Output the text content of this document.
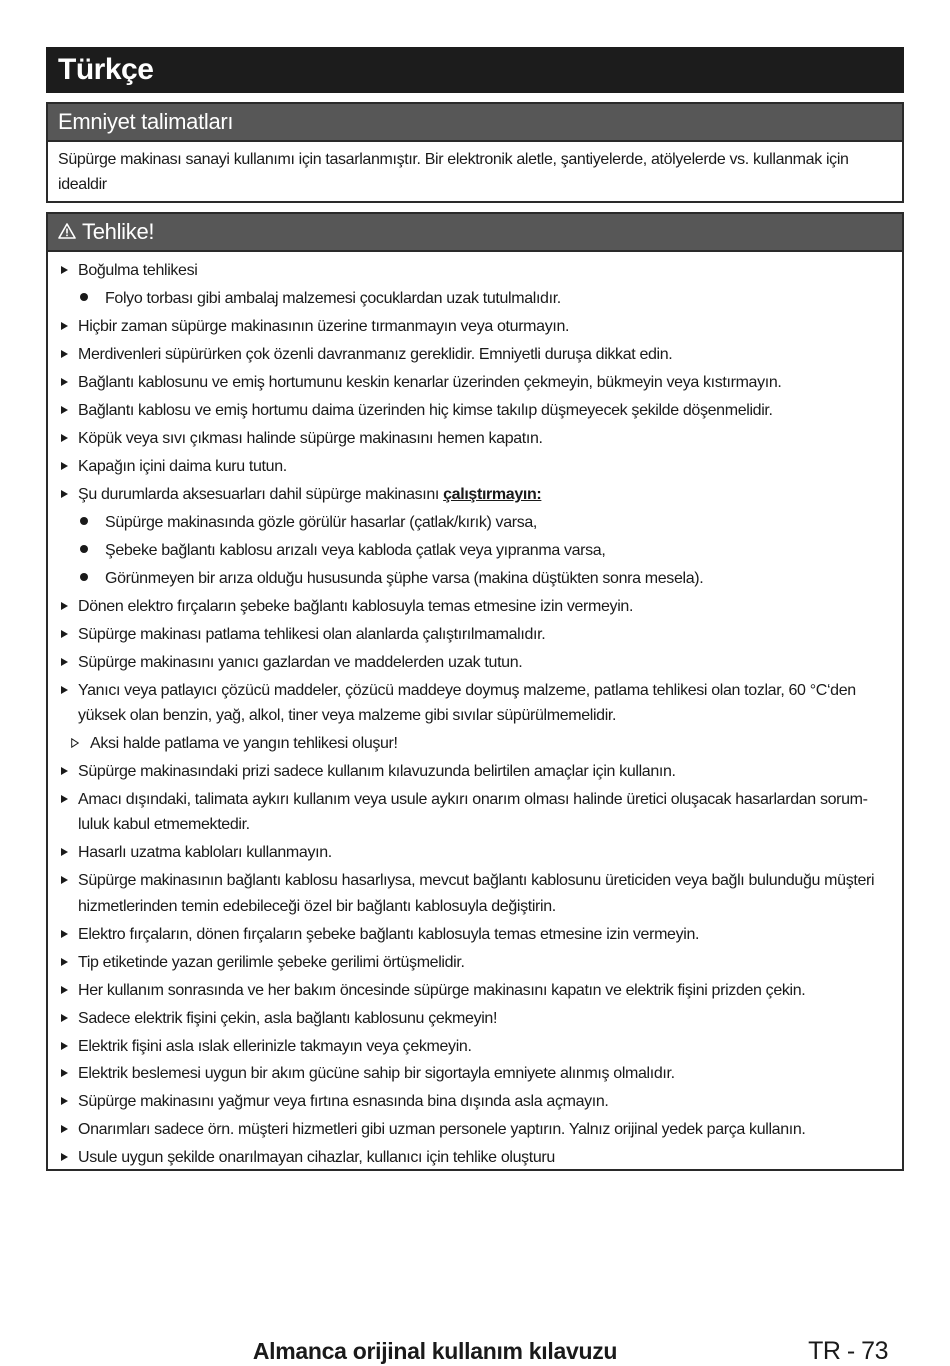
Türkçe
Emniyet talimatları
Süpürge makinası sanayi kullanımı için tasarlanmıştır. Bir elektronik aletle, şantiyelerde, atölyelerde vs. kullanmak için idealdir
Tehlike!
Boğulma tehlikesi
Folyo torbası gibi ambalaj malzemesi çocuklardan uzak tutulmalıdır.
Hiçbir zaman süpürge makinasının üzerine tırmanmayın veya oturmayın.
Merdivenleri süpürürken çok özenli davranmanız gereklidir. Emniyetli duruşa dikkat edin.
Bağlantı kablosunu ve emiş hortumunu keskin kenarlar üzerinden çekmeyin, bükmeyin veya kıstırmayın.
Bağlantı kablosu ve emiş hortumu daima üzerinden hiç kimse takılıp düşmeyecek şekilde döşenmelidir.
Köpük veya sıvı çıkması halinde süpürge makinasını hemen kapatın.
Kapağın içini daima kuru tutun.
Şu durumlarda aksesuarları dahil süpürge makinasını çalıştırmayın:
Süpürge makinasında gözle görülür hasarlar (çatlak/kırık) varsa,
Şebeke bağlantı kablosu arızalı veya kabloda çatlak veya yıpranma varsa,
Görünmeyen bir arıza olduğu hususunda şüphe varsa (makina düştükten sonra mesela).
Dönen elektro fırçaların şebeke bağlantı kablosuyla temas etmesine izin vermeyin.
Süpürge makinası patlama tehlikesi olan alanlarda çalıştırılmamalıdır.
Süpürge makinasını yanıcı gazlardan ve maddelerden uzak tutun.
Yanıcı veya patlayıcı çözücü maddeler, çözücü maddeye doymuş malzeme, patlama tehlikesi olan tozlar, 60 °C‘den yüksek olan benzin, yağ, alkol, tiner veya malzeme gibi sıvılar süpürülmemelidir.
Aksi halde patlama ve yangın tehlikesi oluşur!
Süpürge makinasındaki prizi sadece kullanım kılavuzunda belirtilen amaçlar için kullanın.
Amacı dışındaki, talimata aykırı kullanım veya usule aykırı onarım olması halinde üretici oluşacak hasarlardan sorum-luluk kabul etmemektedir.
Hasarlı uzatma kabloları kullanmayın.
Süpürge makinasının bağlantı kablosu hasarlıysa, mevcut bağlantı kablosunu üreticiden veya bağlı bulunduğu müşteri hizmetlerinden temin edebileceği özel bir bağlantı kablosuyla değiştirin.
Elektro fırçaların, dönen fırçaların şebeke bağlantı kablosuyla temas etmesine izin vermeyin.
Tip etiketinde yazan gerilimle şebeke gerilimi örtüşmelidir.
Her kullanım sonrasında ve her bakım öncesinde süpürge makinasını kapatın ve elektrik fişini prizden çekin.
Sadece elektrik fişini çekin, asla bağlantı kablosunu çekmeyin!
Elektrik fişini asla ıslak ellerinizle takmayın veya çekmeyin.
Elektrik beslemesi uygun bir akım gücüne sahip bir sigortayla emniyete alınmış olmalıdır.
Süpürge makinasını yağmur veya fırtına esnasında bina dışında asla açmayın.
Onarımları sadece örn. müşteri hizmetleri gibi uzman personele yaptırın. Yalnız orijinal yedek parça kullanın.
Usule uygun şekilde onarılmayan cihazlar, kullanıcı için tehlike oluşturu
Almanca orijinal kullanım kılavuzu	TR - 73
